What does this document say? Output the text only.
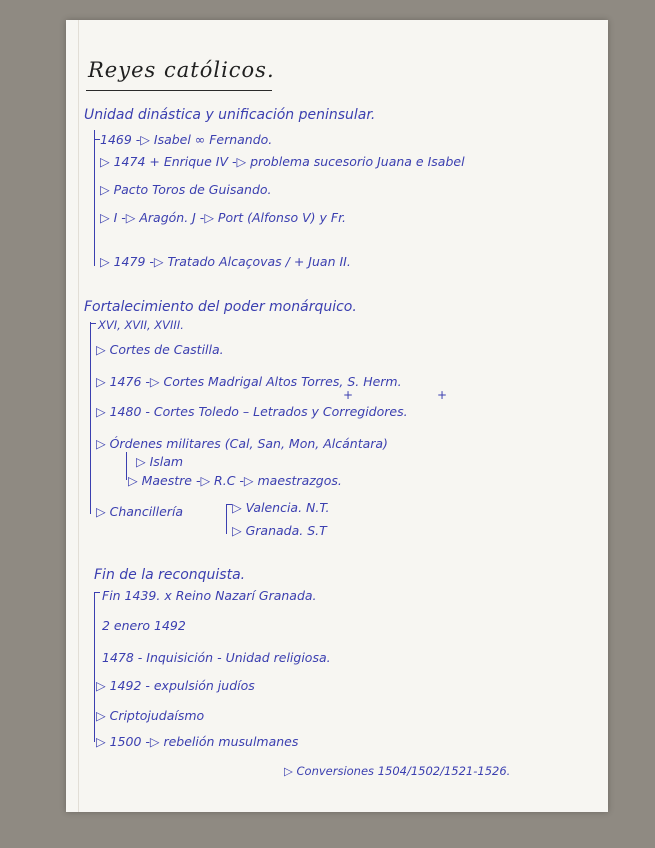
Reyes católicos.
Unidad dinástica y unificación peninsular.
1469 -▷ Isabel ∞ Fernando.
▷ 1474 + Enrique IV -▷ problema sucesorio Juana e Isabel
▷ Pacto Toros de Guisando.
▷ I -▷ Aragón. J -▷ Port (Alfonso V) y Fr.
▷ 1479 -▷ Tratado Alcaçovas / + Juan II.
Fortalecimiento del poder monárquico.
XVI, XVII, XVIII.
▷ Cortes de Castilla.
▷ 1476 -▷ Cortes Madrigal Altos Torres, S. Herm.
+	+
▷ 1480 - Cortes Toledo – Letrados y Corregidores.
▷ Órdenes militares (Cal, San, Mon, Alcántara)
▷ Islam
▷ Maestre -▷ R.C -▷ maestrazgos.
▷ Chancillería	▷ Valencia. N.T.
▷ Granada. S.T
Fin de la reconquista.
Fin 1439. x Reino Nazarí Granada.
2 enero 1492
1478 - Inquisición - Unidad religiosa.
▷ 1492 - expulsión judíos
▷ Criptojudaísmo
▷ 1500 -▷ rebelión musulmanes
▷ Conversiones 1504/1502/1521-1526.
